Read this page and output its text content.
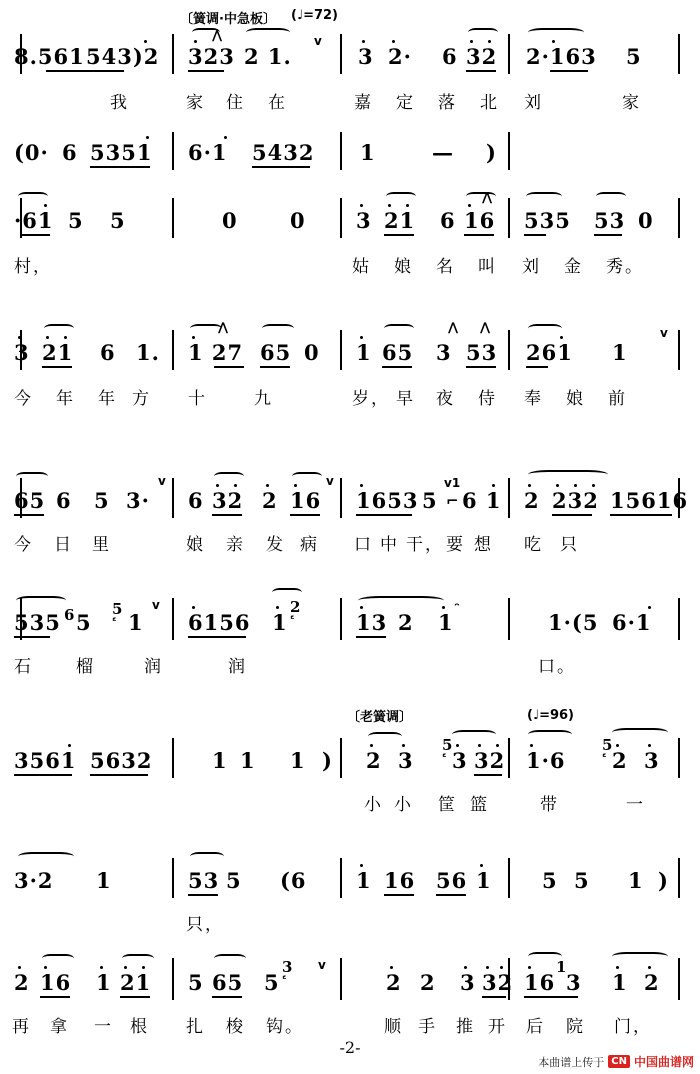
〔簧调·中急板〕 (♩=72)
〔老簧调〕	(♩=96)
8.561 543)2 323
⋀
2 1.
v
3 2· 6 32 2·163 5
我	家 住 在	嘉 定 落 北 刘	家
(0· 6 5351 6·1 5432 1	— )
·61 5 5	0 0 3 21 6 16
⋀
535 53 0
村，	姑 娘 名 叫 刘 金 秀。
3 21 6 1. 1 27
⋀
65 0 1 65 3
⋀
53
⋀
261 1
v
今 年 年 方 十	九	岁， 早 夜 侍 奉 娘 前
65 6 5 3·
v
6 32 2 16
v
1653 5
v1
⌐ 6 1 2 232 15616
今 日 里	娘 亲 发 病 口 中 干， 要 想 吃 只
535 6 5
5
ᵋ 1
v
6156 1
2
ᵋ	13 2 1
ᵔ
1·(5 6·1
石	榴	润	润	口。
3561 5632	1 1 1 ) 2 3
5
ᵋ 3 32 1·6
5
ᵋ 2 3
小 小 筐 篮	带	一
3·2 1	53 5 (6 1 16 56 1 5 5 1 )
只，
2 16 1 21 5 65 5
3
ᵋ
v
2 2 3 32 16
1
3 1 2
再 拿 一 根 扎 梭 钩。	顺 手 推 开 后 院 门，
-2-
本曲谱上传于 CN 中国曲谱网
